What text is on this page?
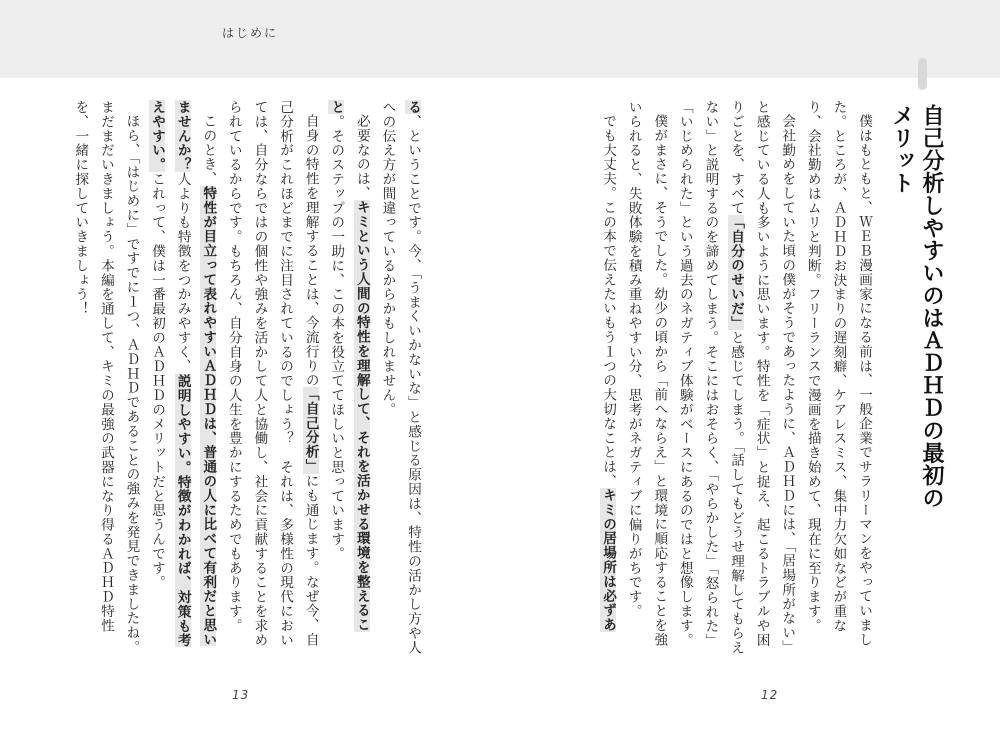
はじめに
自己分析しやすいのはＡＤＨＤの最初のメリット

僕はもともと、ＷＥＢ漫画家になる前は、一般企業でサラリーマンをやっていました。ところが、ＡＤＨＤお決まりの遅刻癖、ケアレスミス、集中力欠如などが重なり、会社勤めはムリと判断。フリーランスで漫画を描き始めて、現在に至ります。

会社勤めをしていた頃の僕がそうであったように、ＡＤＨＤには、「居場所がない」と感じている人も多いように思います。特性を「症状」と捉え、起こるトラブルや困りごとを、すべて「自分のせいだ」と感じてしまう。「話してもどうせ理解してもらえない」と説明するのを諦めてしまう。そこにはおそらく、「やらかした」「怒られた」「いじめられた」という過去のネガティブ体験がベースにあるのではと想像します。

僕がまさに、そうでした。幼少の頃から「前へならえ」と環境に順応することを強いられると、失敗体験を積み重ねやすい分、思考がネガティブに偏りがちです。

でも大丈夫。この本で伝えたいもう１つの大切なことは、キミの居場所は必ずあ

る、ということです。今、「うまくいかないな」と感じる原因は、特性の活かし方や人への伝え方が間違っているからかもしれません。

必要なのは、キミという人間の特性を理解して、それを活かせる環境を整えること。そのステップの一助に、この本を役立ててほしいと思っています。

自身の特性を理解することは、今流行りの「自己分析」にも通じます。なぜ今、自己分析がこれほどまでに注目されているのでしょう？　それは、多様性の現代においては、自分ならではの個性や強みを活かして人と協働し、社会に貢献することを求められているからです。もちろん、自分自身の人生を豊かにするためでもあります。

このとき、特性が目立って表れやすいＡＤＨＤは、普通の人に比べて有利だと思いませんか？人よりも特徴をつかみやすく、説明しやすい。特徴がわかれば、対策も考えやすい。これって、僕は一番最初のＡＤＨＤのメリットだと思うんです。

ほら、「はじめに」ですでに１つ、ＡＤＨＤであることの強みを発見できましたね。まだまだいきましょう。本編を通して、キミの最強の武器になり得るＡＤＨＤ特性を、一緒に探していきましょう！

12
13
